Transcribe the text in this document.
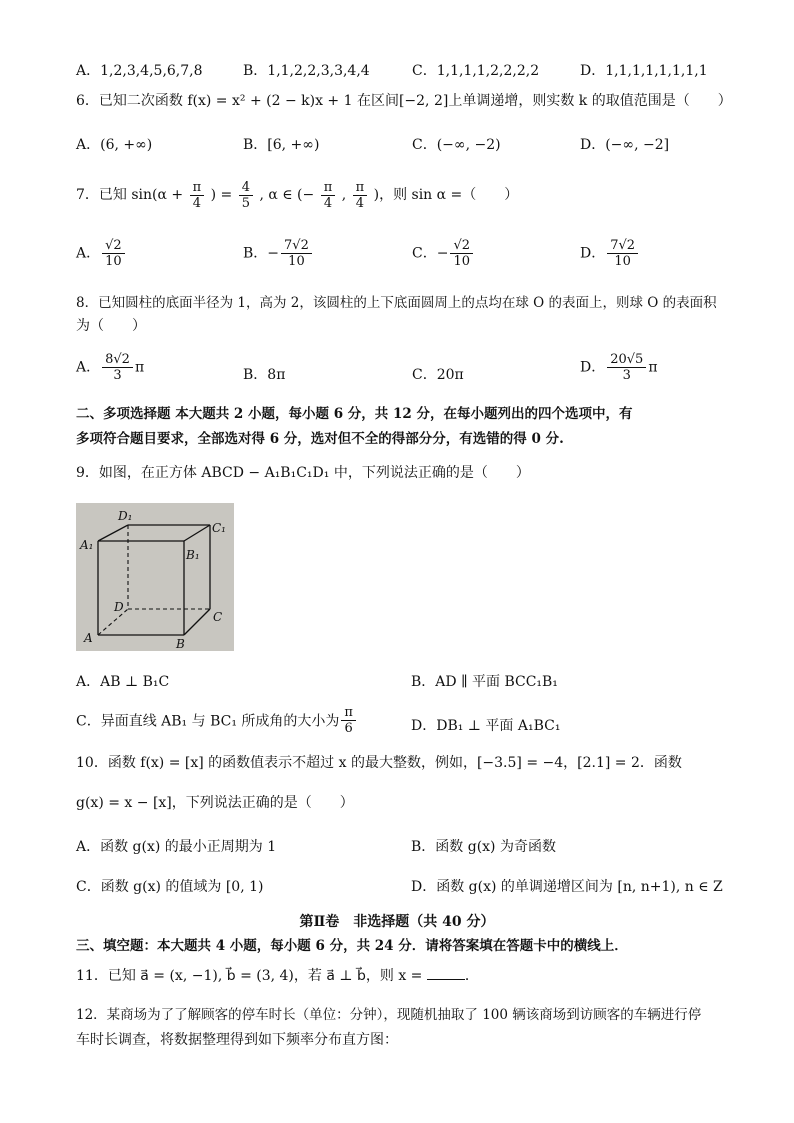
A．1,2,3,4,5,6,7,8	B．1,1,2,2,3,3,4,4	C．1,1,1,1,2,2,2,2	D．1,1,1,1,1,1,1,1
6．已知二次函数 f(x) = x² + (2 − k)x + 1 在区间[−2, 2]上单调递增，则实数 k 的取值范围是（　　）
A．(6, +∞)	B．[6, +∞)	C．(−∞, −2)	D．(−∞, −2]
7．已知 $\sin(\alpha + \frac{\pi}{4}$ ) = $\frac{4}{5}$ , α ∈ (− $\frac{\pi}{4}$ , $\frac{\pi}{4}$ )，则 sin α =（　　）
A． $\frac{√2}{10}$	B．− $\frac{7√2}{10}$	C．− $\frac{√2}{10}$	D． $\frac{7√2}{10}$
8．已知圆柱的底面半径为 1，高为 2，该圆柱的上下底面圆周上的点均在球 O 的表面上，则球 O 的表面积
为（　　）
A． $\frac{8√2}{3}$ π	B．8π	C．20π	D． $\frac{20√5}{3}$ π
二、多项选择题 本大题共 2 小题，每小题 6 分，共 12 分，在每小题列出的四个选项中，有
多项符合题目要求，全部选对得 6 分，选对但不全的得部分分，有选错的得 0 分.
9．如图，在正方体 ABCD − A₁B₁C₁D₁ 中，下列说法正确的是（　　）
D₁
C₁
A₁
B₁
D
C
A	B
A．AB ⊥ B₁C	B．AD ∥ 平面 BCC₁B₁
C．异面直线 AB₁ 与 BC₁ 所成角的大小为 $\frac{\pi}{6}$	D．DB₁ ⊥ 平面 A₁BC₁
10．函数 f(x) = [x] 的函数值表示不超过 x 的最大整数，例如，[−3.5] = −4，[2.1] = 2．函数
g(x) = x − [x]，下列说法正确的是（　　）
A．函数 g(x) 的最小正周期为 1	B．函数 g(x) 为奇函数
C．函数 g(x) 的值域为 [0, 1)	D．函数 g(x) 的单调递增区间为 [n, n+1), n ∈ Z
第Ⅱ卷　非选择题（共 40 分）
三、填空题：本大题共 4 小题，每小题 6 分，共 24 分．请将答案填在答题卡中的横线上．
11．已知 a⃗ = (x, −1), b⃗ = (3, 4)，若 a⃗ ⊥ b⃗，则 x =	．
12．某商场为了了解顾客的停车时长（单位：分钟），现随机抽取了 100 辆该商场到访顾客的车辆进行停
车时长调查，将数据整理得到如下频率分布直方图：
